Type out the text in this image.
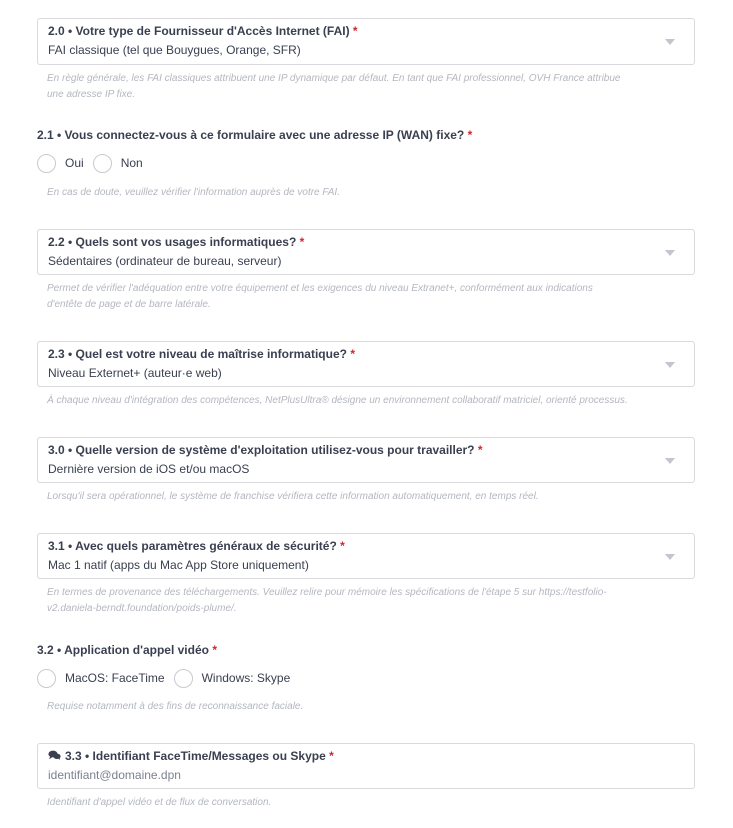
2.0 • Votre type de Fournisseur d'Accès Internet (FAI) *
FAI classique (tel que Bouygues, Orange, SFR)
En règle générale, les FAI classiques attribuent une IP dynamique par défaut. En tant que FAI professionnel, OVH France attribue
une adresse IP fixe.
2.1 • Vous connectez-vous à ce formulaire avec une adresse IP (WAN) fixe? *
Oui	Non
En cas de doute, veuillez vérifier l'information auprès de votre FAI.
2.2 • Quels sont vos usages informatiques? *
Sédentaires (ordinateur de bureau, serveur)
Permet de vérifier l'adéquation entre votre équipement et les exigences du niveau Extranet+, conformément aux indications
d'entête de page et de barre latérale.
2.3 • Quel est votre niveau de maîtrise informatique? *
Niveau Externet+ (auteur·e web)
À chaque niveau d'intégration des compétences, NetPlusUltra® désigne un environnement collaboratif matriciel, orienté processus.
3.0 • Quelle version de système d'exploitation utilisez-vous pour travailler? *
Dernière version de iOS et/ou macOS
Lorsqu'il sera opérationnel, le système de franchise vérifiera cette information automatiquement, en temps réel.
3.1 • Avec quels paramètres généraux de sécurité? *
Mac 1 natif (apps du Mac App Store uniquement)
En termes de provenance des téléchargements. Veuillez relire pour mémoire les spécifications de l'étape 5 sur https://testfolio-
v2.daniela-berndt.foundation/poids-plume/.
3.2 • Application d'appel vidéo *
MacOS: FaceTime	Windows: Skype
Requise notamment à des fins de reconnaissance faciale.
3.3 • Identifiant FaceTime/Messages ou Skype *
identifiant@domaine.dpn
Identifiant d'appel vidéo et de flux de conversation.
